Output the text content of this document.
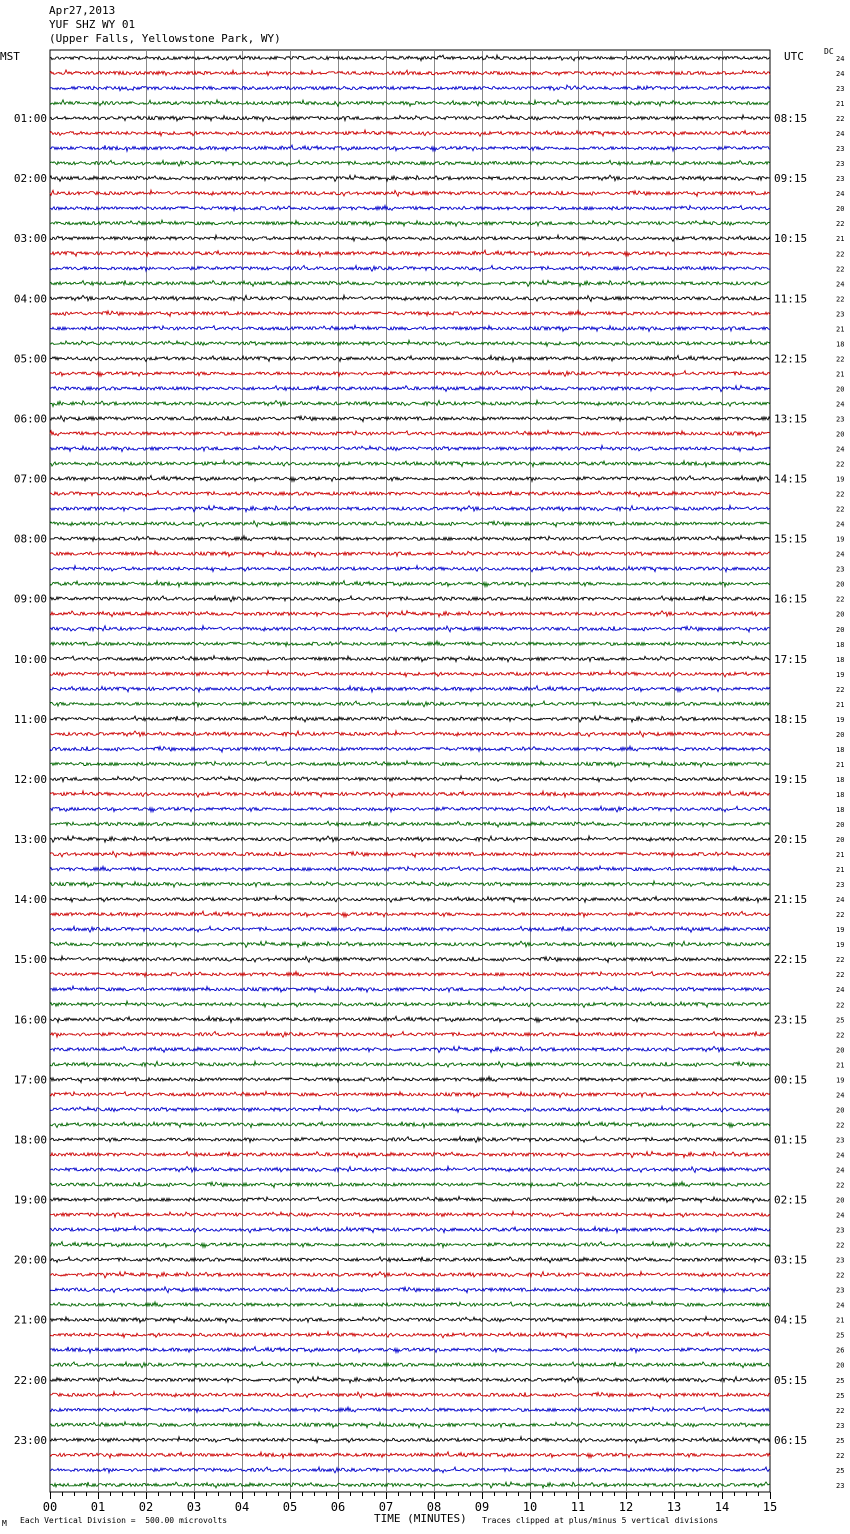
Apr27,2013
YUF SHZ WY 01
(Upper Falls, Yellowstone Park, WY)
MST	UTC	DC
24
24
23
21
22
24
23
23
23
24
20
22
21
22
22
24
22
23
21
18
22
21
20
24
23
20
24
22
19
22
22
24
19
24
23
20
22
20
20
18
18
19
22
21
19
20
18
21
18
18
18
20
20
21
21
23
24
22
19
19
22
22
24
22
25
22
20
21
19
24
20
22
23
24
24
22
20
24
23
22
23
22
23
24
21
25
26
20
25
25
22
23
25
22
25
23
01:00	08:15
02:00	09:15
03:00	10:15
04:00	11:15
05:00	12:15
06:00	13:15
07:00	14:15
08:00	15:15
09:00	16:15
10:00	17:15
11:00	18:15
12:00	19:15
13:00	20:15
14:00	21:15
15:00	22:15
16:00	23:15
17:00	00:15
18:00	01:15
19:00	02:15
20:00	03:15
21:00	04:15
22:00	05:15
23:00	06:15
00	01	02	03	04	05	06	07	08	09	10	11	12	13	14	15
M Each Vertical Division =  500.00 microvolts	TIME (MINUTES) Traces clipped at plus/minus 5 vertical divisions
